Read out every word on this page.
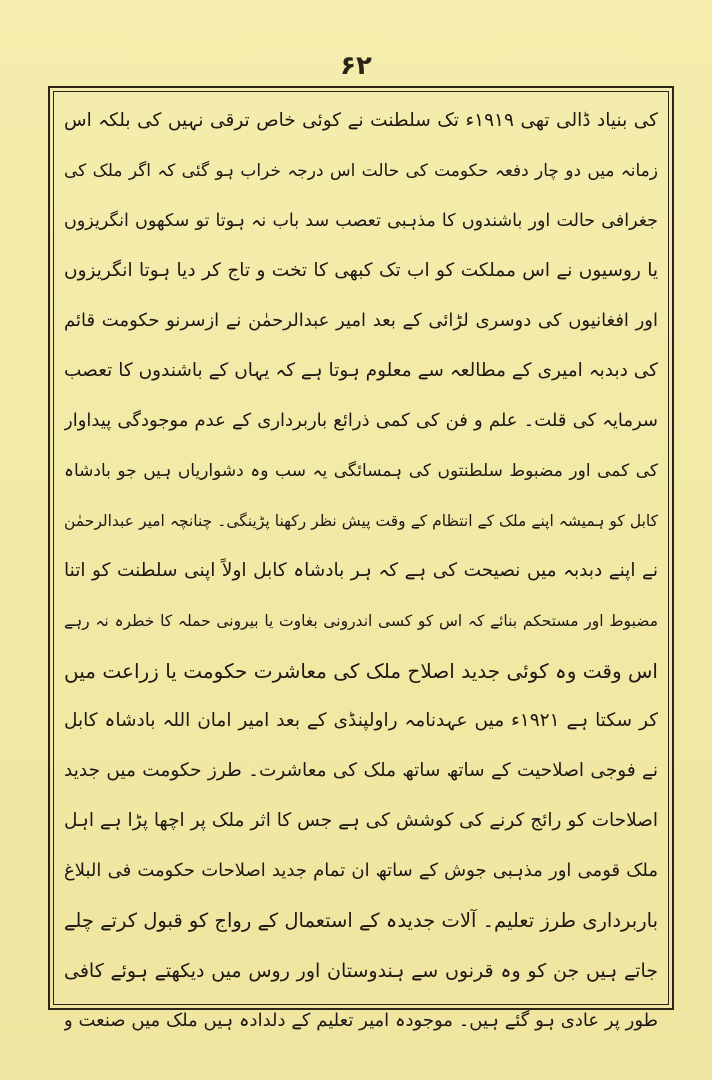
۶۲
کی بنیاد ڈالی تھی ۱۹۱۹ء تک سلطنت نے کوئی خاص ترقی نہیں کی بلکہ اس
زمانہ میں دو چار دفعہ حکومت کی حالت اس درجہ خراب ہو گئی کہ اگر ملک کی
جغرافی حالت اور باشندوں کا مذہبی تعصب سد باب نہ ہوتا تو سکھوں انگریزوں
یا روسیوں نے اس مملکت کو اب تک کبھی کا تخت و تاج کر دیا ہوتا انگریزوں
اور افغانیوں کی دوسری لڑائی کے بعد امیر عبدالرحمٰن نے ازسرنو حکومت قائم
کی دبدبہ امیری کے مطالعہ سے معلوم ہوتا ہے کہ یہاں کے باشندوں کا تعصب
سرمایہ کی قلت۔ علم و فن کی کمی ذرائع باربرداری کے عدم موجودگی پیداوار
کی کمی اور مضبوط سلطنتوں کی ہمسائگی یہ سب وہ دشواریاں ہیں جو بادشاہ
کابل کو ہمیشہ اپنے ملک کے انتظام کے وقت پیش نظر رکھنا پڑینگی۔ چنانچہ امیر عبدالرحمٰن
نے اپنے دبدبہ میں نصیحت کی ہے کہ ہر بادشاہ کابل اولاً اپنی سلطنت کو اتنا
مضبوط اور مستحکم بنائے کہ اس کو کسی اندرونی بغاوت یا بیرونی حملہ کا خطرہ نہ رہے
اس وقت وہ کوئی جدید اصلاح ملک کی معاشرت حکومت یا زراعت میں
کر سکتا ہے ۱۹۲۱ء میں عہدنامہ راولپنڈی کے بعد امیر امان اللہ بادشاہ کابل
نے فوجی اصلاحیت کے ساتھ ساتھ ملک کی معاشرت۔ طرز حکومت میں جدید
اصلاحات کو رائج کرنے کی کوشش کی ہے جس کا اثر ملک پر اچھا پڑا ہے اہل
ملک قومی اور مذہبی جوش کے ساتھ ان تمام جدید اصلاحات حکومت فی البلاغ
باربرداری طرز تعلیم۔ آلات جدیدہ کے استعمال کے رواج کو قبول کرتے چلے
جاتے ہیں جن کو وہ قرنوں سے ہندوستان اور روس میں دیکھتے ہوئے کافی
طور پر عادی ہو گئے ہیں۔ موجودہ امیر تعلیم کے دلدادہ ہیں ملک میں صنعت و
